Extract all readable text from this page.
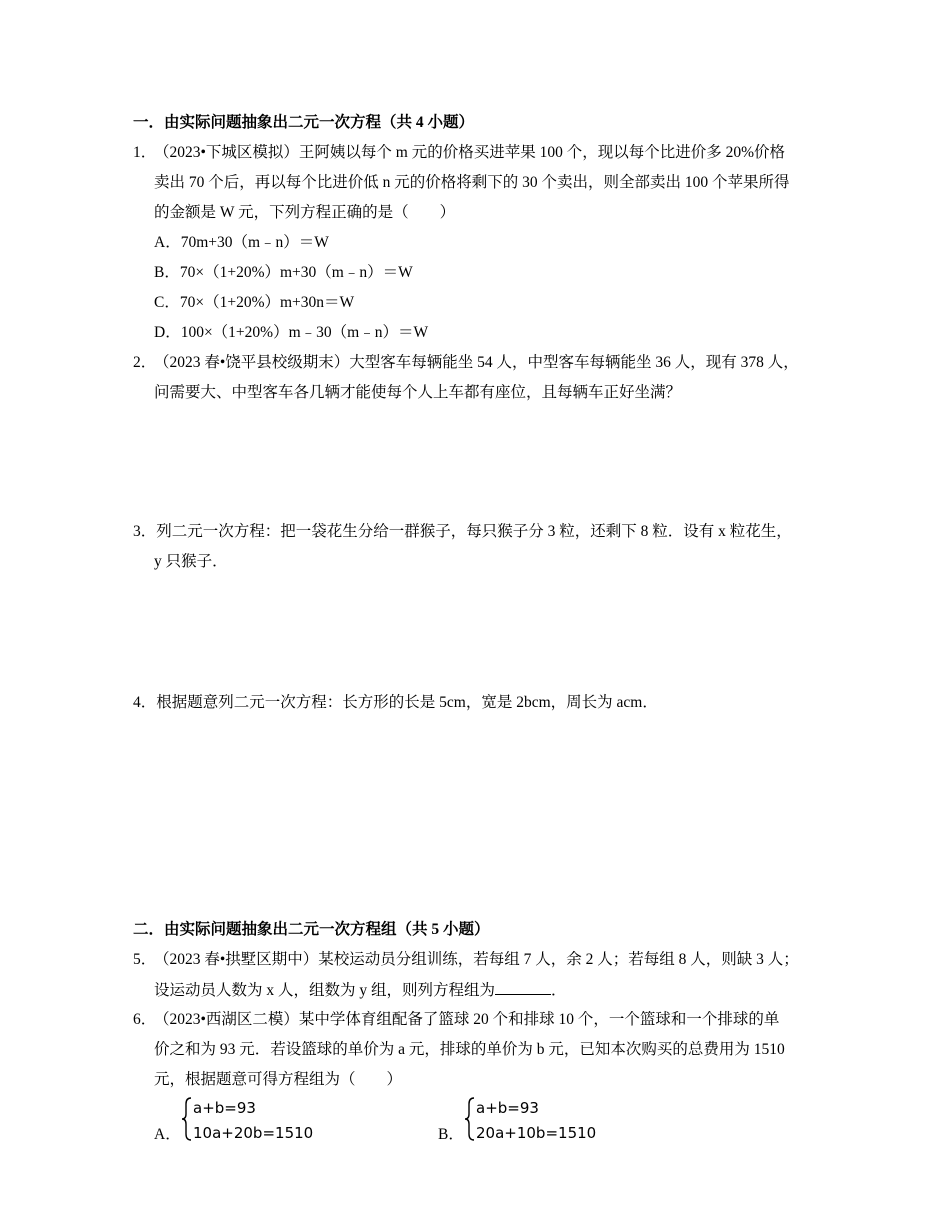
一．由实际问题抽象出二元一次方程（共 4 小题）
1．
（2023•下城区模拟）王阿姨以每个 m 元的价格买进苹果 100 个，现以每个比进价多 20%价格
卖出 70 个后，再以每个比进价低 n 元的价格将剩下的 30 个卖出，则全部卖出 100 个苹果所得
的金额是 W 元，下列方程正确的是（　　）
A．70m+30（m﹣n）＝W
B．70×（1+20%）m+30（m﹣n）＝W
C．70×（1+20%）m+30n＝W
D．100×（1+20%）m﹣30（m﹣n）＝W
2．
（2023 春•饶平县校级期末）大型客车每辆能坐 54 人，中型客车每辆能坐 36 人，现有 378 人，
问需要大、中型客车各几辆才能使每个人上车都有座位，且每辆车正好坐满？
3．列二元一次方程：把一袋花生分给一群猴子，每只猴子分 3 粒，还剩下 8 粒．设有 x 粒花生，
y 只猴子．
4．根据题意列二元一次方程：长方形的长是 5cm，宽是 2bcm，周长为 acm．
二．由实际问题抽象出二元一次方程组（共 5 小题）
5．
（2023 春•拱墅区期中）某校运动员分组训练，若每组 7 人，余 2 人；若每组 8 人，则缺 3 人；
设运动员人数为 x 人，组数为 y 组，则列方程组为	．
6．
（2023•西湖区二模）某中学体育组配备了篮球 20 个和排球 10 个，一个篮球和一个排球的单
价之和为 93 元．若设篮球的单价为 a 元，排球的单价为 b 元，已知本次购买的总费用为 1510
元，根据题意可得方程组为（　　）
A．
a+b=93
10a+20b=1510	B．
a+b=93
20a+10b=1510
